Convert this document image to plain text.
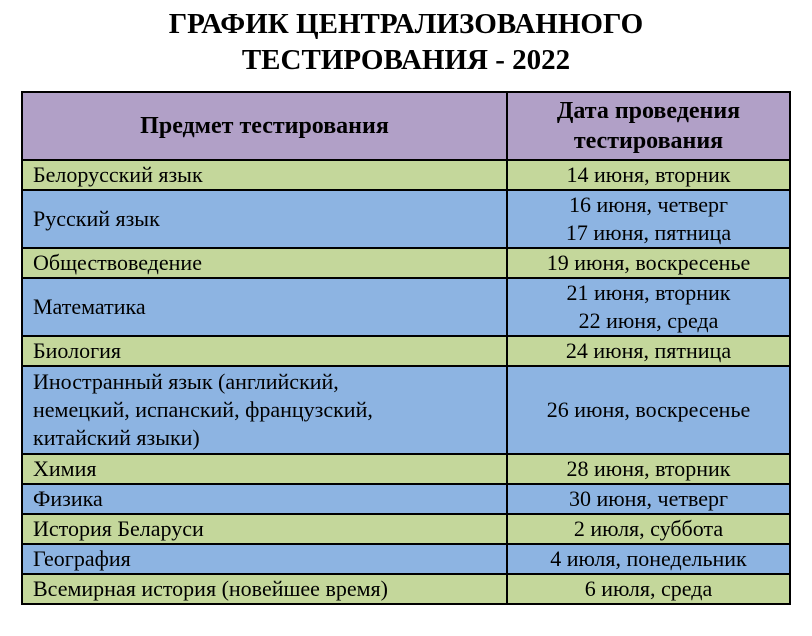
ГРАФИК ЦЕНТРАЛИЗОВАННОГО
ТЕСТИРОВАНИЯ - 2022
Предмет тестирования	Дата проведения
тестирования

Белорусский язык	14 июня, вторник

Русский язык	16 июня, четверг
17 июня, пятница

Обществоведение	19 июня, воскресенье

Математика	21 июня, вторник
22 июня, среда

Биология	24 июня, пятница

Иностранный язык (английский,
немецкий, испанский, французский,
китайский языки)	26 июня, воскресенье

Химия	28 июня, вторник

Физика	30 июня, четверг

История Беларуси	2 июля, суббота

География	4 июля, понедельник

Всемирная история (новейшее время)	6 июля, среда
